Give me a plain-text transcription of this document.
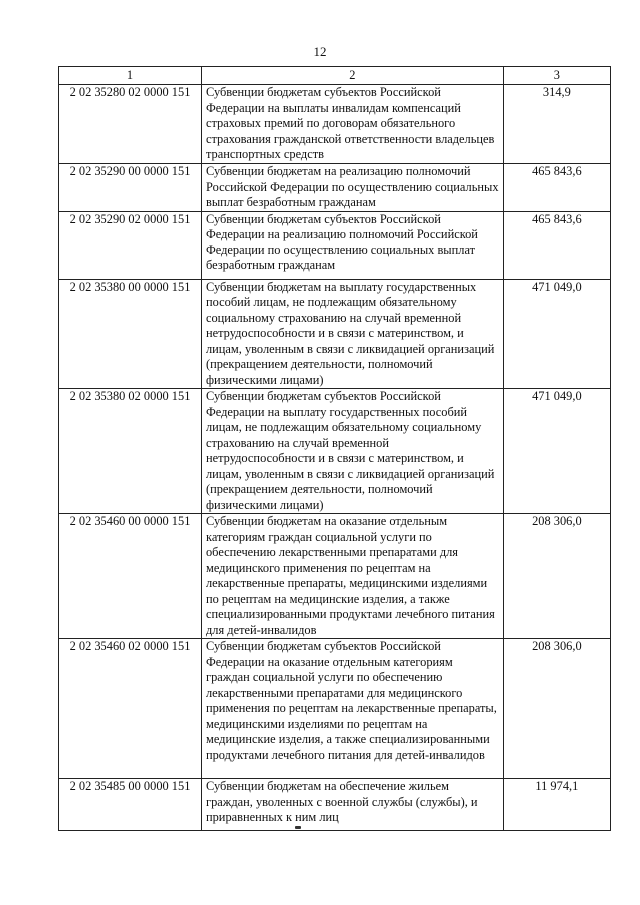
12
1	2	3
2 02 35280 02 0000 151	Субвенции бюджетам субъектов Российской Федерации на выплаты инвалидам компенсаций страховых премий по договорам обязательного страхования гражданской ответственности владельцев транспортных средств	314,9
2 02 35290 00 0000 151	Субвенции бюджетам на реализацию полномочий Российской Федерации по осуществлению социальных выплат безработным гражданам	465 843,6
2 02 35290 02 0000 151	Субвенции бюджетам субъектов Российской Федерации на реализацию полномочий Российской Федерации по осуществлению социальных выплат безработным гражданам	465 843,6
2 02 35380 00 0000 151	Субвенции бюджетам на выплату государственных пособий лицам, не подлежащим обязательному социальному страхованию на случай временной нетрудоспособности и в связи с материнством, и лицам, уволенным в связи с ликвидацией организаций (прекращением деятельности, полномочий физическими лицами)	471 049,0
2 02 35380 02 0000 151	Субвенции бюджетам субъектов Российской Федерации на выплату государственных пособий лицам, не подлежащим обязательному социальному страхованию на случай временной нетрудоспособности и в связи с материнством, и лицам, уволенным в связи с ликвидацией организаций (прекращением деятельности, полномочий физическими лицами)	471 049,0
2 02 35460 00 0000 151	Субвенции бюджетам на оказание отдельным категориям граждан социальной услуги по обеспечению лекарственными препаратами для медицинского применения по рецептам на лекарственные препараты, медицинскими изделиями по рецептам на медицинские изделия, а также специализированными продуктами лечебного питания для детей-инвалидов	208 306,0
2 02 35460 02 0000 151	Субвенции бюджетам субъектов Российской Федерации на оказание отдельным категориям граждан социальной услуги по обеспечению лекарственными препаратами для медицинского применения по рецептам на лекарственные препараты, медицинскими изделиями по рецептам на медицинские изделия, а также специализированными продуктами лечебного питания для детей-инвалидов	208 306,0
2 02 35485 00 0000 151	Субвенции бюджетам на обеспечение жильем граждан, уволенных с военной службы (службы), и приравненных к ним лиц	11 974,1
